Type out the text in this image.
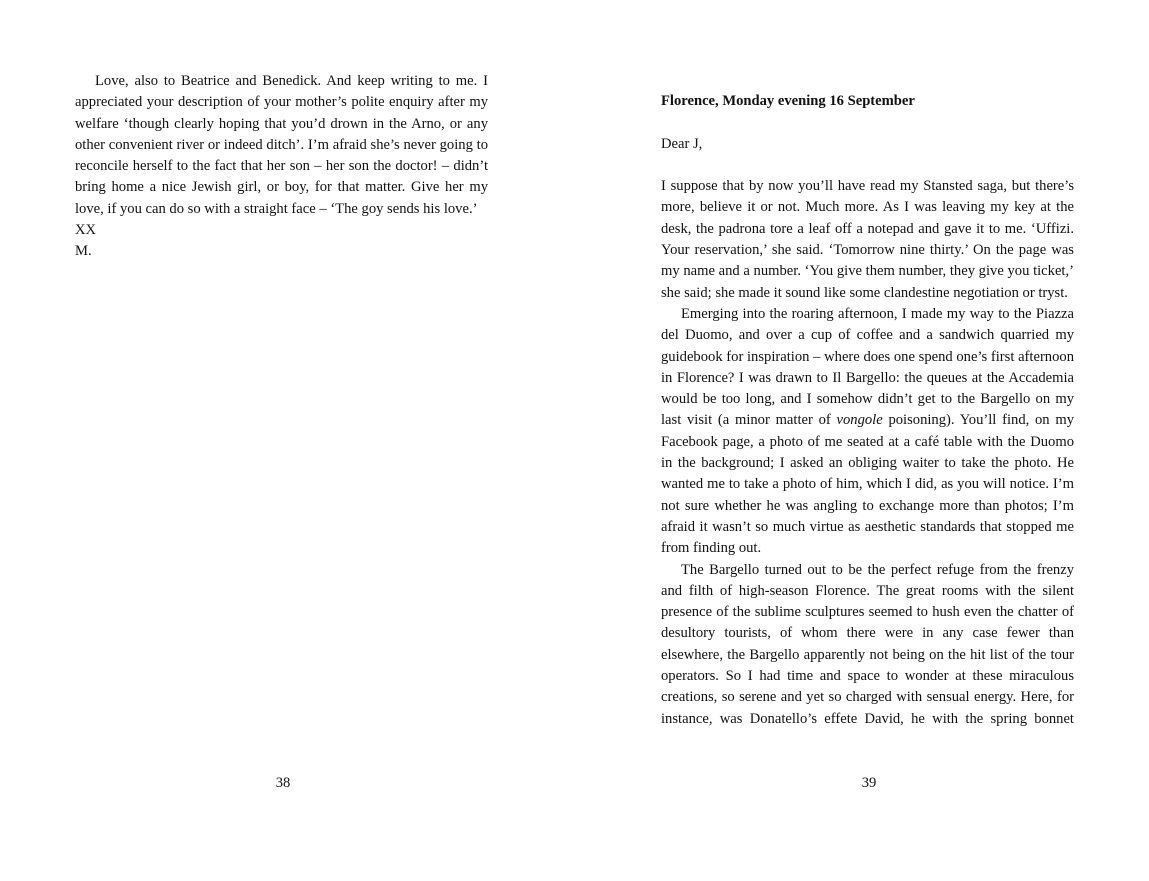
Love, also to Beatrice and Benedick. And keep writing to me. I appreciated your description of your mother’s polite enquiry after my welfare ‘though clearly hoping that you’d drown in the Arno, or any other convenient river or indeed ditch’. I’m afraid she’s never going to reconcile herself to the fact that her son – her son the doctor! – didn’t bring home a nice Jewish girl, or boy, for that matter. Give her my love, if you can do so with a straight face – ‘The goy sends his love.’

XX

M.

38

Florence, Monday evening 16 September

Dear J,

I suppose that by now you’ll have read my Stansted saga, but there’s more, believe it or not. Much more. As I was leaving my key at the desk, the padrona tore a leaf off a notepad and gave it to me. ‘Uffizi. Your reservation,’ she said. ‘Tomorrow nine thirty.’ On the page was my name and a number. ‘You give them number, they give you ticket,’ she said; she made it sound like some clandestine negotiation or tryst.

Emerging into the roaring afternoon, I made my way to the Piazza del Duomo, and over a cup of coffee and a sandwich quarried my guidebook for inspiration – where does one spend one’s first afternoon in Florence? I was drawn to Il Bargello: the queues at the Accademia would be too long, and I somehow didn’t get to the Bargello on my last visit (a minor matter of vongole poisoning). You’ll find, on my Facebook page, a photo of me seated at a café table with the Duomo in the background; I asked an obliging waiter to take the photo. He wanted me to take a photo of him, which I did, as you will notice. I’m not sure whether he was angling to exchange more than photos; I’m afraid it wasn’t so much virtue as aesthetic standards that stopped me from finding out.

The Bargello turned out to be the perfect refuge from the frenzy and filth of high-season Florence. The great rooms with the silent presence of the sublime sculptures seemed to hush even the chatter of desultory tourists, of whom there were in any case fewer than elsewhere, the Bargello apparently not being on the hit list of the tour operators. So I had time and space to wonder at these miraculous creations, so serene and yet so charged with sensual energy. Here, for instance, was Donatello’s effete David, he with the spring bonnet

39
